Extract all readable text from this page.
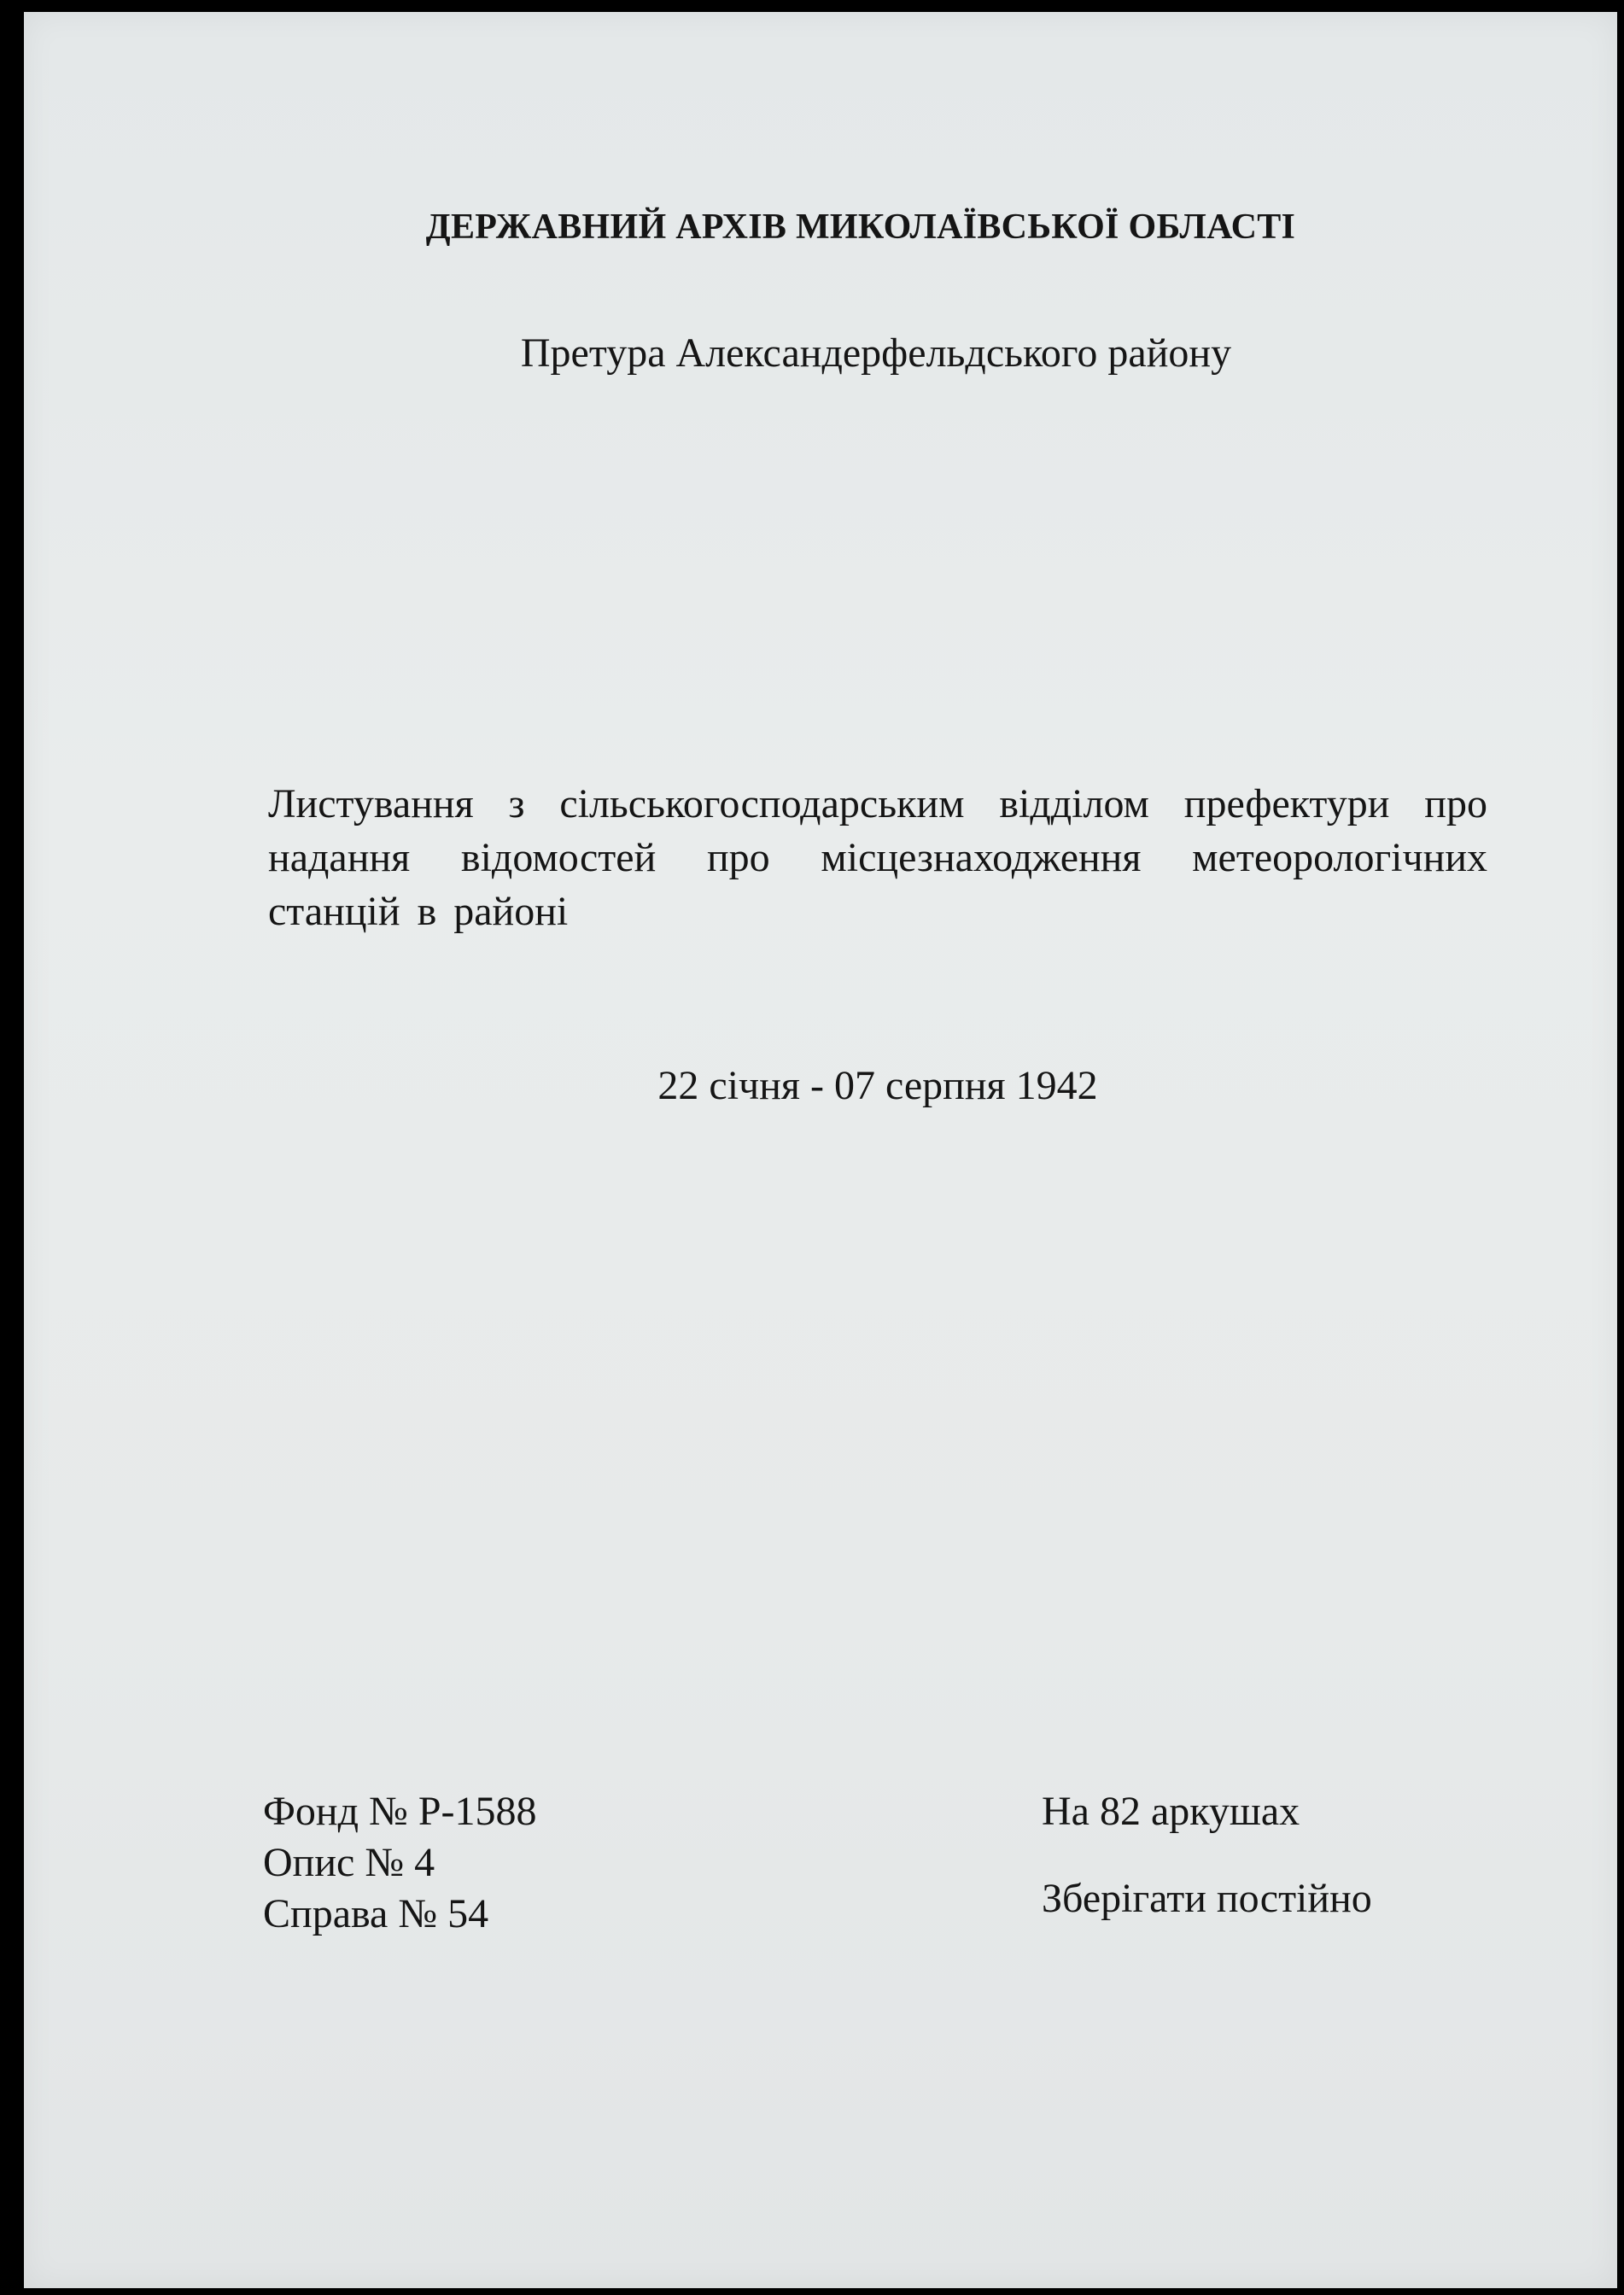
ДЕРЖАВНИЙ АРХІВ МИКОЛАЇВСЬКОЇ ОБЛАСТІ
Претура Александерфельдського району
Листування з сільськогосподарським відділом префектури про надання відомостей про місцезнаходження метеорологічних станцій в районі
22 січня - 07 серпня 1942
Фонд № Р-1588
Опис № 4
Справа № 54
На 82 аркушах
Зберігати постійно
